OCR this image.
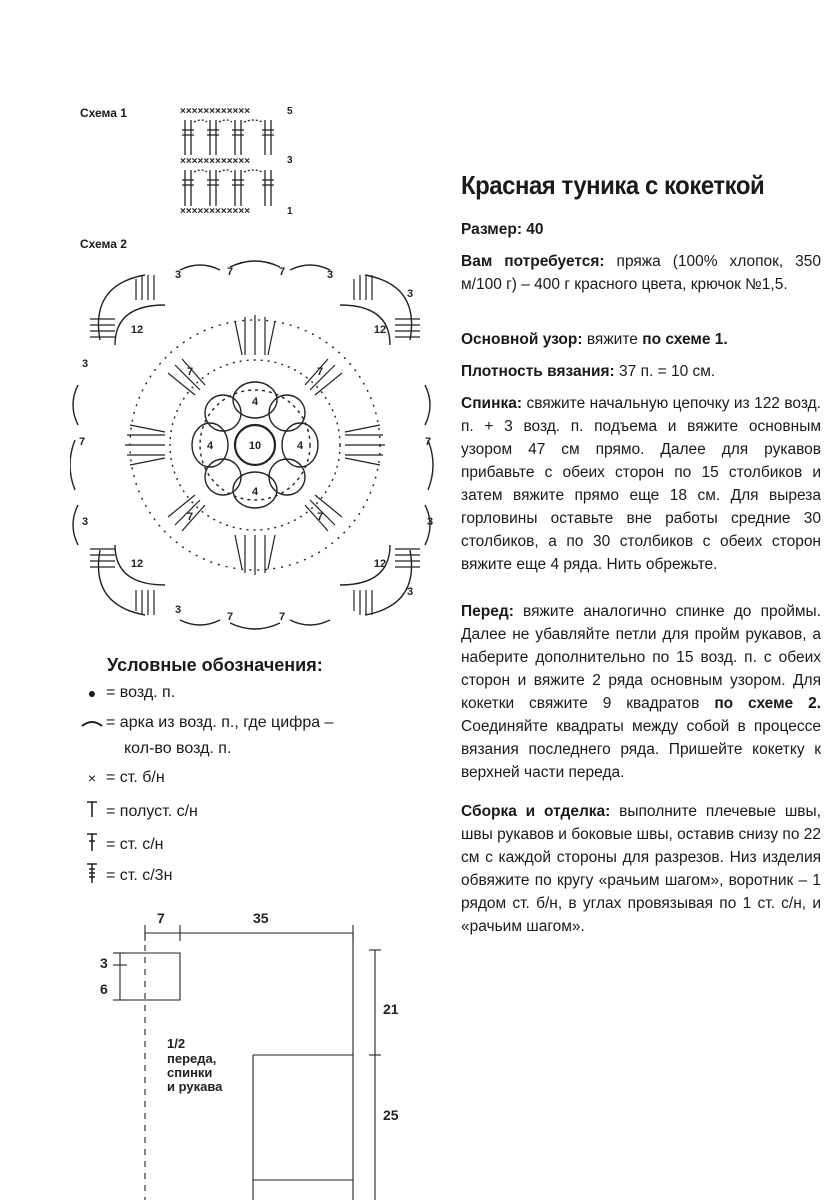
Схема 1	××××××××××××
××××××××××××
××××××××××××
5
3
1
Схема 2
10
3	3
3
3
3	3
3
3
7	7
7	7
7	7
12	12
12	12
4
4
4	4
7	7
7	7
Условные обозначения:
● = возд. п.
= арка из возд. п., где цифра –
кол-во возд. п.
× = ст. б/н
= полуст. с/н
= ст. с/н
= ст. с/3н
7	35
3
6
21
25
1/2
переда,
спинки
и рукава
Красная туника с кокеткой

Размер: 40

Вам потребуется: пряжа (100% хлопок, 350 м/100 г) – 400 г красного цвета, крючок №1,5.

Основной узор: вяжите по схеме 1.

Плотность вязания: 37 п. = 10 см.

Спинка: свяжите начальную цепочку из 122 возд. п. + 3 возд. п. подъема и вяжите основным узором 47 см прямо. Далее для рукавов прибавьте с обеих сторон по 15 столбиков и затем вяжите прямо еще 18 см. Для выреза горловины оставьте вне работы средние 30 столбиков, а по 30 столбиков с обеих сторон вяжите еще 4 ряда. Нить обрежьте.

Перед: вяжите аналогично спинке до проймы. Далее не убавляйте петли для пройм рукавов, а наберите дополнительно по 15 возд. п. с обеих сторон и вяжите 2 ряда основным узором. Для кокетки свяжите 9 квадратов по схеме 2. Соединяйте квадраты между собой в процессе вязания последнего ряда. Пришейте кокетку к верхней части переда.

Сборка и отделка: выполните плечевые швы, швы рукавов и боковые швы, оставив снизу по 22 см с каждой стороны для разрезов. Низ изделия обвяжите по кругу «рачьим шагом», воротник – 1 рядом ст. б/н, в углах провязывая по 1 ст. с/н, и «рачьим шагом».
